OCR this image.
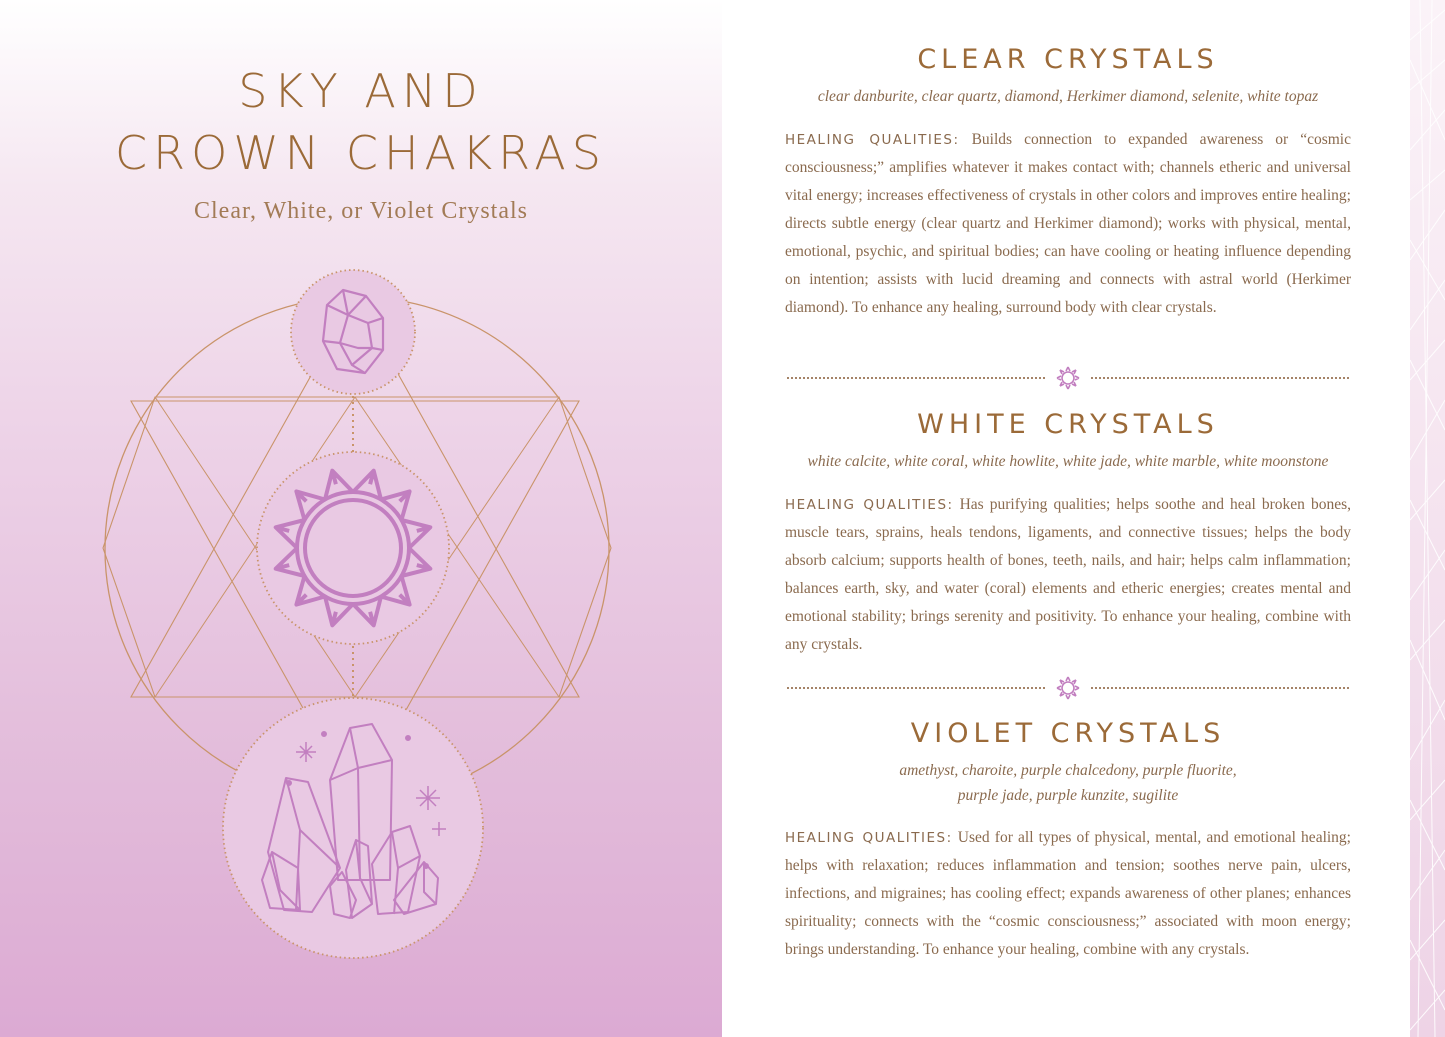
SKY AND
CROWN CHAKRAS
Clear, White, or Violet Crystals
CLEAR CRYSTALS
clear danburite, clear quartz, diamond, Herkimer diamond, selenite, white topaz

HEALING QUALITIES: Builds connection to expanded awareness or “cosmic consciousness;” amplifies whatever it makes contact with; channels etheric and universal vital energy; increases effectiveness of crystals in other colors and improves entire healing; directs subtle energy (clear quartz and Herkimer diamond); works with physical, mental, emotional, psychic, and spiritual bodies; can have cooling or heating influence depending on intention; assists with lucid dreaming and connects with astral world (Herkimer diamond). To enhance any healing, surround body with clear crystals.

WHITE CRYSTALS
white calcite, white coral, white howlite, white jade, white marble, white moonstone

HEALING QUALITIES: Has purifying qualities; helps soothe and heal broken bones, muscle tears, sprains, heals tendons, ligaments, and connective tissues; helps the body absorb calcium; supports health of bones, teeth, nails, and hair; helps calm inflammation; balances earth, sky, and water (coral) elements and etheric energies; creates mental and emotional stability; brings serenity and positivity. To enhance your healing, combine with any crystals.

VIOLET CRYSTALS
amethyst, charoite, purple chalcedony, purple fluorite,
purple jade, purple kunzite, sugilite

HEALING QUALITIES: Used for all types of physical, mental, and emotional healing; helps with relaxation; reduces inflammation and tension; soothes nerve pain, ulcers, infections, and migraines; has cooling effect; expands awareness of other planes; enhances spirituality; connects with the “cosmic consciousness;” associated with moon energy; brings understanding. To enhance your healing, combine with any crystals.
